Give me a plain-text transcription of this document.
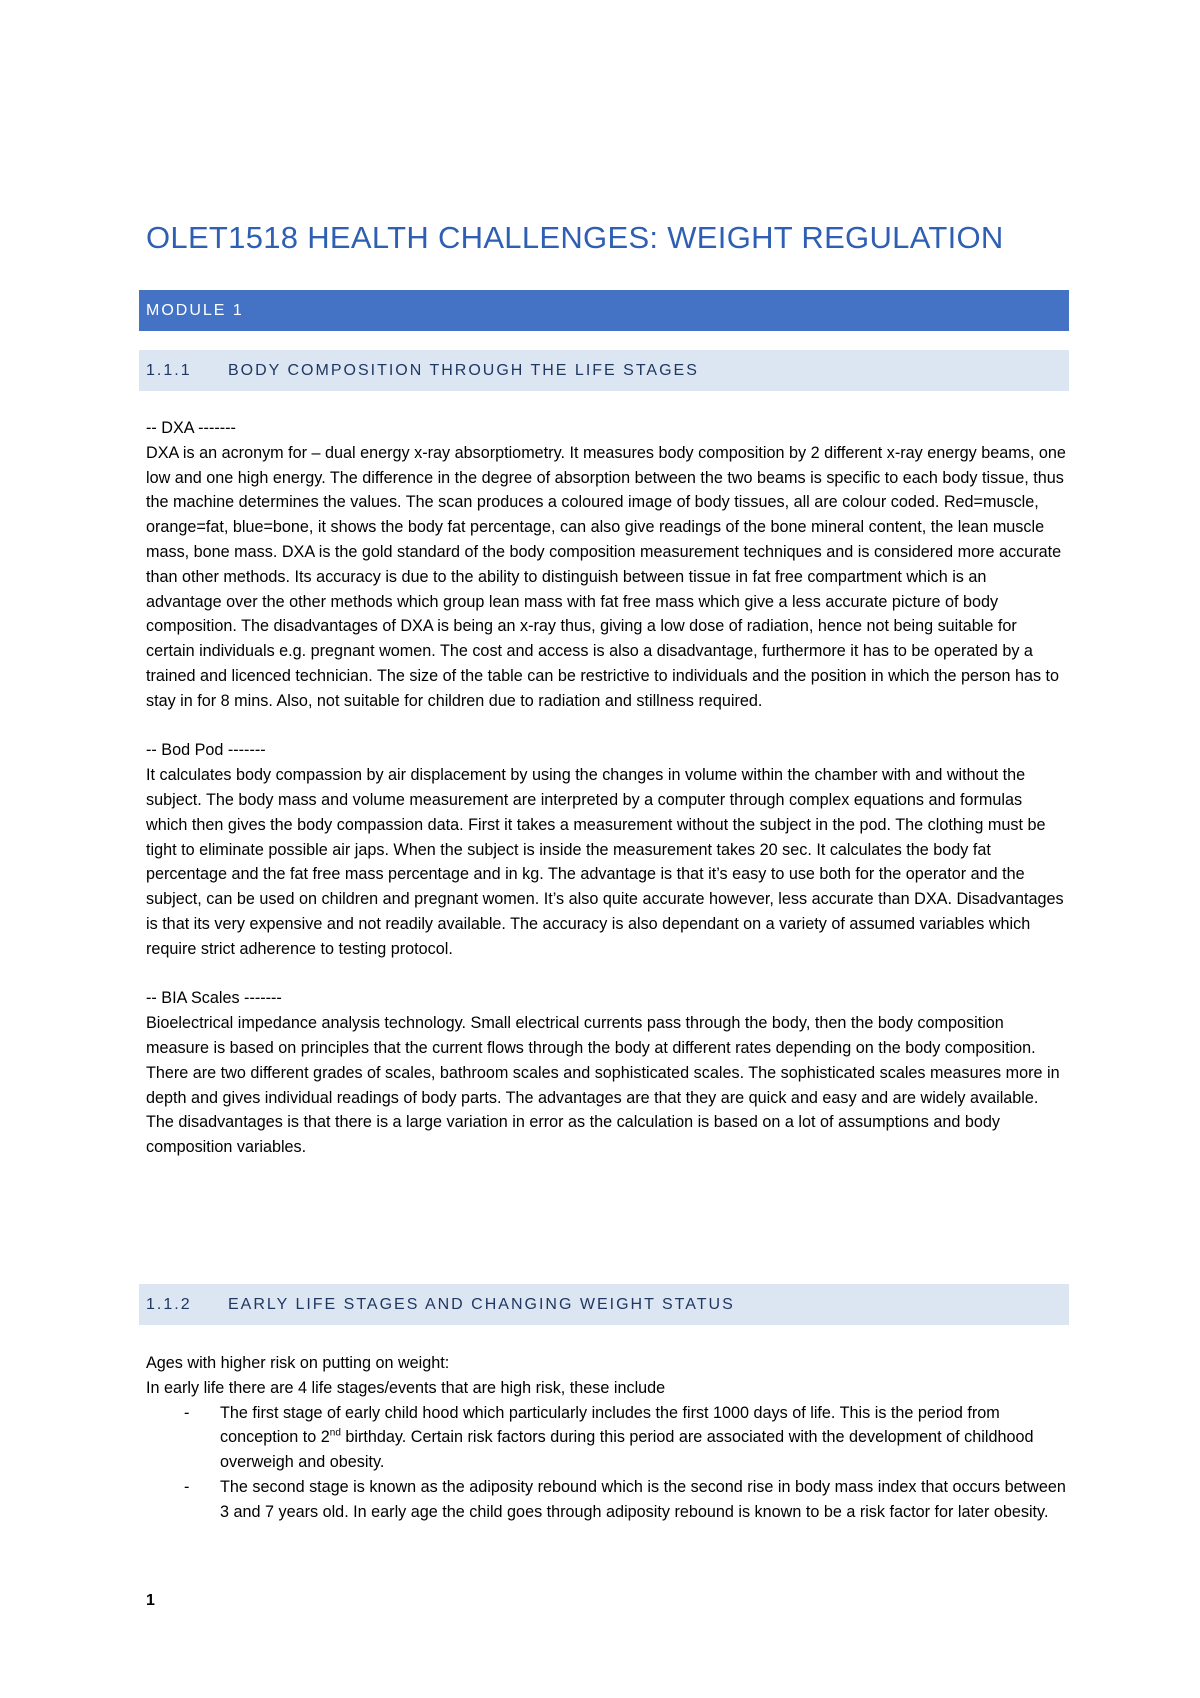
OLET1518 HEALTH CHALLENGES: WEIGHT REGULATION
MODULE 1
1.1.1 BODY COMPOSITION THROUGH THE LIFE STAGES

-- DXA -------

DXA is an acronym for – dual energy x-ray absorptiometry. It measures body composition by 2 different x-ray energy beams, one low and one high energy. The difference in the degree of absorption between the two beams is specific to each body tissue, thus the machine determines the values. The scan produces a coloured image of body tissues, all are colour coded. Red=muscle, orange=fat, blue=bone, it shows the body fat percentage, can also give readings of the bone mineral content, the lean muscle mass, bone mass. DXA is the gold standard of the body composition measurement techniques and is considered more accurate than other methods. Its accuracy is due to the ability to distinguish between tissue in fat free compartment which is an advantage over the other methods which group lean mass with fat free mass which give a less accurate picture of body composition. The disadvantages of DXA is being an x-ray thus, giving a low dose of radiation, hence not being suitable for certain individuals e.g. pregnant women. The cost and access is also a disadvantage, furthermore it has to be operated by a trained and licenced technician. The size of the table can be restrictive to individuals and the position in which the person has to stay in for 8 mins. Also, not suitable for children due to radiation and stillness required.

-- Bod Pod -------

It calculates body compassion by air displacement by using the changes in volume within the chamber with and without the subject. The body mass and volume measurement are interpreted by a computer through complex equations and formulas which then gives the body compassion data. First it takes a measurement without the subject in the pod. The clothing must be tight to eliminate possible air japs. When the subject is inside the measurement takes 20 sec. It calculates the body fat percentage and the fat free mass percentage and in kg. The advantage is that it’s easy to use both for the operator and the subject, can be used on children and pregnant women. It’s also quite accurate however, less accurate than DXA. Disadvantages is that its very expensive and not readily available. The accuracy is also dependant on a variety of assumed variables which require strict adherence to testing protocol.

-- BIA Scales -------

Bioelectrical impedance analysis technology. Small electrical currents pass through the body, then the body composition measure is based on principles that the current flows through the body at different rates depending on the body composition. There are two different grades of scales, bathroom scales and sophisticated scales. The sophisticated scales measures more in depth and gives individual readings of body parts. The advantages are that they are quick and easy and are widely available. The disadvantages is that there is a large variation in error as the calculation is based on a lot of assumptions and body composition variables.

1.1.2 EARLY LIFE STAGES AND CHANGING WEIGHT STATUS

Ages with higher risk on putting on weight:

In early life there are 4 life stages/events that are high risk, these include

- The first stage of early child hood which particularly includes the first 1000 days of life. This is the period from conception to 2nd birthday. Certain risk factors during this period are associated with the development of childhood overweigh and obesity.
- The second stage is known as the adiposity rebound which is the second rise in body mass index that occurs between 3 and 7 years old. In early age the child goes through adiposity rebound is known to be a risk factor for later obesity.
1
